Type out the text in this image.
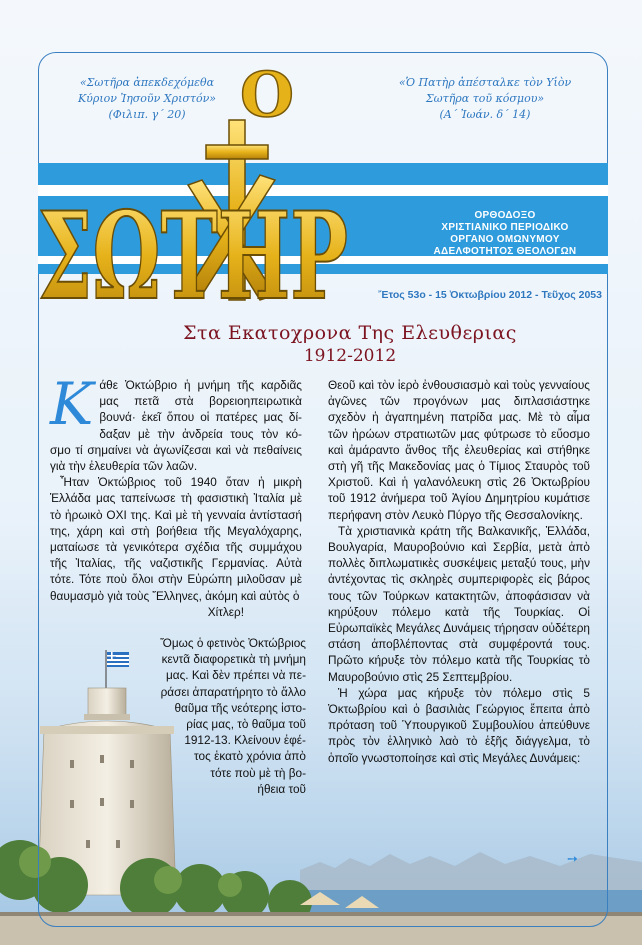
«Σωτῆρα ἀπεκδεχόμεθα
Κύριον Ἰησοῦν Χριστόν»
(Φιλιπ. γ΄ 20)
«Ὁ Πατὴρ ἀπέσταλκε τὸν Υἱὸν
Σωτῆρα τοῦ κόσμου»
(Α΄ Ἰωάν. δ΄ 14)
ΣΩΤΗΡ
Ο
ΟΡΘΟΔΟΞΟ
ΧΡΙΣΤΙΑΝΙΚΟ ΠΕΡΙΟΔΙΚΟ
ΟΡΓΑΝΟ ΟΜΩΝΥΜΟΥ
ΑΔΕΛΦΟΤΗΤΟΣ ΘΕΟΛΟΓΩΝ
Ἔτος 53ο - 15 Ὀκτωβρίου 2012 - Τεῦχος 2053
Στα Εκατοχρονα Της Ελευθεριας
1912-2012
Κ άθε Ὀκτώβριο ἡ μνήμη τῆς καρδιᾶς
μας πετᾶ στὰ βορειοηπειρωτικὰ
βουνά· ἐκεῖ ὅπου οἱ πατέρες μας δί-
δαξαν μὲ τὴν ἀνδρεία τους τὸν κό-

σμο τί σημαίνει νὰ ἀγωνίζεσαι καὶ νὰ πεθαίνεις γιὰ τὴν ἐλευθερία τῶν λαῶν.

Ἦταν Ὀκτώβριος τοῦ 1940 ὅταν ἡ μικρὴ Ἑλλάδα μας ταπείνωσε τὴ φασιστικὴ Ἰταλία μὲ τὸ ἡρωικὸ ΟΧΙ της. Καὶ μὲ τὴ γενναία ἀντίστασή της, χάρη καὶ στὴ βοήθεια τῆς Μεγαλόχαρης, ματαίωσε τὰ γενικότερα σχέδια τῆς συμμάχου τῆς Ἰταλίας, τῆς ναζιστικῆς Γερμανίας. Αὐτὰ τότε. Τότε ποὺ ὅλοι στὴν Εὐρώπη μιλοῦσαν μὲ θαυμασμὸ γιὰ τοὺς Ἕλληνες, ἀκόμη καὶ αὐτὸς ὁ

Χίτλερ!
Ὅμως ὁ φετινὸς Ὀκτώβριος
κεντᾶ διαφορετικὰ τὴ μνήμη
μας. Καὶ δὲν πρέπει νὰ πε-
ράσει ἀπαρατήρητο τὸ ἄλλο
θαῦμα τῆς νεότερης ἱστο-
ρίας μας, τὸ θαῦμα τοῦ
1912-13. Κλείνουν ἐφέ-
τος ἑκατὸ χρόνια ἀπὸ
τότε ποὺ μὲ τὴ βο-
ήθεια τοῦ

Θεοῦ καὶ τὸν ἱερὸ ἐνθουσιασμὸ καὶ τοὺς γενναίους ἀγῶνες τῶν προγόνων μας διπλασιάστηκε σχεδὸν ἡ ἀγαπημένη πατρίδα μας. Μὲ τὸ αἷμα τῶν ἡρώων στρατιωτῶν μας φύτρωσε τὸ εὔοσμο καὶ ἀμάραντο ἄνθος τῆς ἐλευθερίας καὶ στήθηκε στὴ γῆ τῆς Μακεδονίας μας ὁ Τίμιος Σταυρὸς τοῦ Χριστοῦ. Καὶ ἡ γαλανόλευκη στὶς 26 Ὀκτωβρίου τοῦ 1912 ἀνήμερα τοῦ Ἁγίου Δημητρίου κυμάτισε περήφανη στὸν Λευκὸ Πύργο τῆς Θεσσαλονίκης.

Τὰ χριστιανικὰ κράτη τῆς Βαλκανικῆς, Ἑλλάδα, Βουλγαρία, Μαυροβούνιο καὶ Σερβία, μετὰ ἀπὸ πολλὲς διπλωματικὲς συσκέψεις μεταξύ τους, μὴν ἀντέχοντας τὶς σκληρὲς συμπεριφορὲς εἰς βάρος τους τῶν Τούρκων κατακτητῶν, ἀποφάσισαν νὰ κηρύξουν πόλεμο κατὰ τῆς Τουρκίας. Οἱ Εὐρωπαϊκὲς Μεγάλες Δυνάμεις τήρησαν οὐδέτερη στάση ἀποβλέποντας στὰ συμφέροντά τους. Πρῶτο κήρυξε τὸν πόλεμο κατὰ τῆς Τουρκίας τὸ Μαυροβούνιο στὶς 25 Σεπτεμβρίου.

Ἡ χώρα μας κήρυξε τὸν πόλεμο στὶς 5 Ὀκτωβρίου καὶ ὁ βασιλιὰς Γεώργιος ἔπειτα ἀπὸ πρόταση τοῦ Ὑπουργικοῦ Συμβουλίου ἀπεύθυνε πρὸς τὸν ἑλληνικὸ λαὸ τὸ ἑξῆς διάγγελμα, τὸ ὁποῖο γνωστοποίησε καὶ στὶς Μεγάλες Δυνάμεις:

➙
